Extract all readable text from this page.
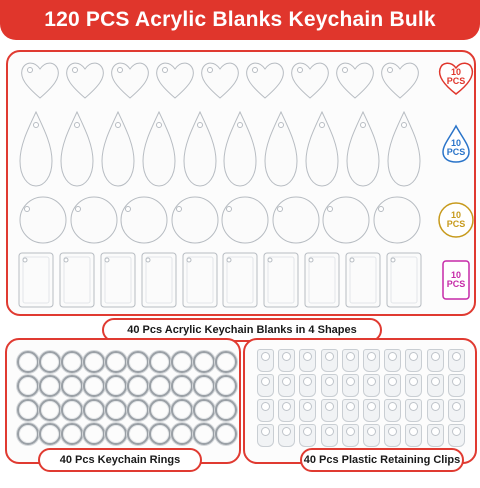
120 PCS Acrylic Blanks Keychain Bulk
10
PCS
10
PCS
10
PCS
10
PCS
40 Pcs Acrylic Keychain Blanks in 4 Shapes
40 Pcs Keychain Rings	40 Pcs Plastic Retaining Clips
